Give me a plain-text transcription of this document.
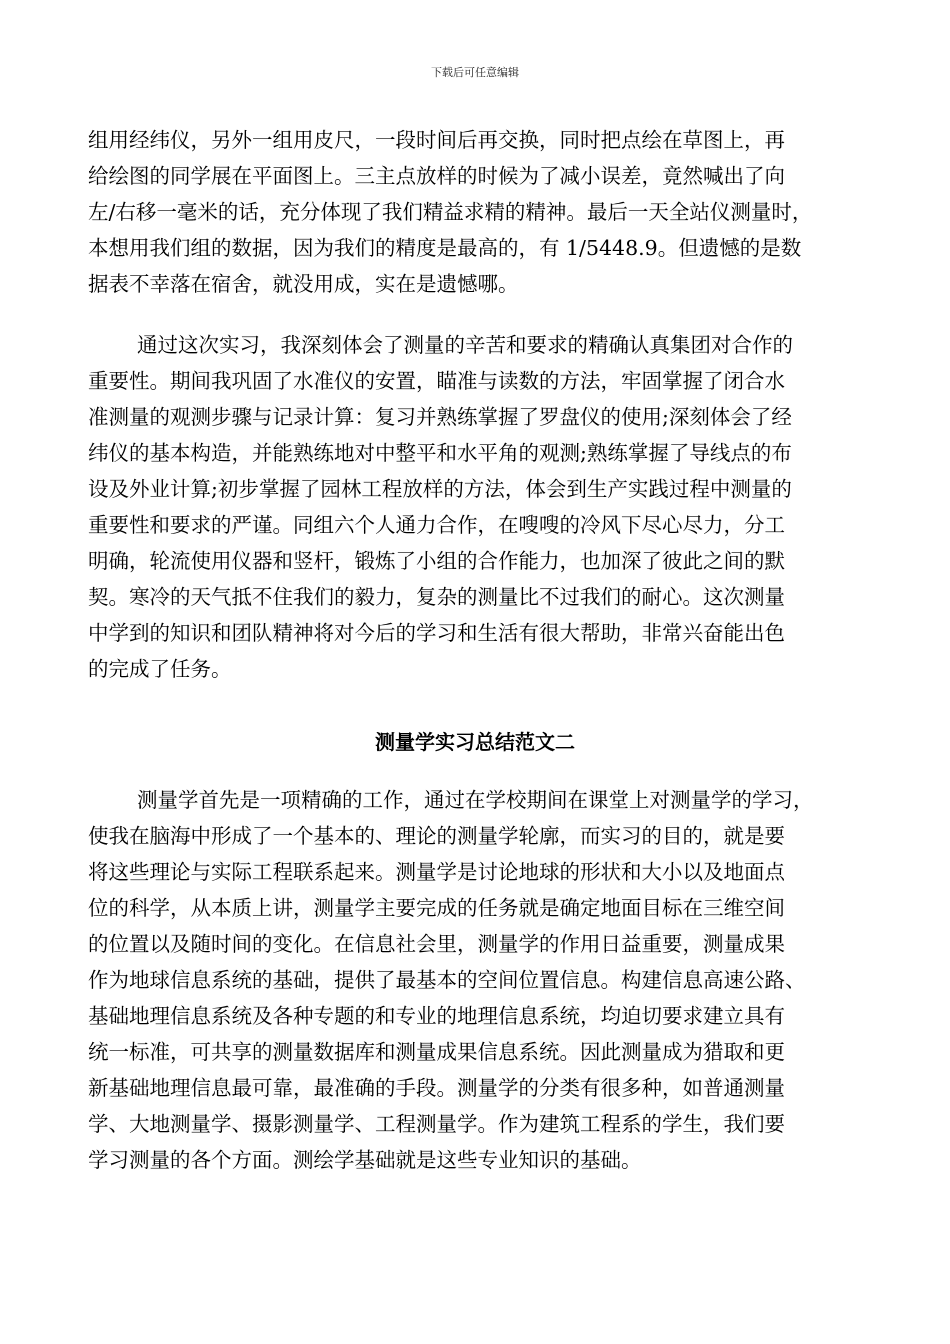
下载后可任意编辑

组用经纬仪，另外一组用皮尺，一段时间后再交换，同时把点绘在草图上，再

给绘图的同学展在平面图上。三主点放样的时候为了减小误差，竟然喊出了向

左/右移一毫米的话，充分体现了我们精益求精的精神。最后一天全站仪测量时，

本想用我们组的数据，因为我们的精度是最高的，有 1/5448.9。但遗憾的是数

据表不幸落在宿舍，就没用成，实在是遗憾哪。

通过这次实习，我深刻体会了测量的辛苦和要求的精确认真集团对合作的

重要性。期间我巩固了水准仪的安置，瞄准与读数的方法，牢固掌握了闭合水

准测量的观测步骤与记录计算：复习并熟练掌握了罗盘仪的使用;深刻体会了经

纬仪的基本构造，并能熟练地对中整平和水平角的观测;熟练掌握了导线点的布

设及外业计算;初步掌握了园林工程放样的方法，体会到生产实践过程中测量的

重要性和要求的严谨。同组六个人通力合作，在嗖嗖的冷风下尽心尽力，分工

明确，轮流使用仪器和竖杆，锻炼了小组的合作能力，也加深了彼此之间的默

契。寒冷的天气抵不住我们的毅力，复杂的测量比不过我们的耐心。这次测量

中学到的知识和团队精神将对今后的学习和生活有很大帮助，非常兴奋能出色

的完成了任务。

测量学实习总结范文二

测量学首先是一项精确的工作，通过在学校期间在课堂上对测量学的学习，

使我在脑海中形成了一个基本的、理论的测量学轮廓，而实习的目的，就是要

将这些理论与实际工程联系起来。测量学是讨论地球的形状和大小以及地面点

位的科学，从本质上讲，测量学主要完成的任务就是确定地面目标在三维空间

的位置以及随时间的变化。在信息社会里，测量学的作用日益重要，测量成果

作为地球信息系统的基础，提供了最基本的空间位置信息。构建信息高速公路、

基础地理信息系统及各种专题的和专业的地理信息系统，均迫切要求建立具有

统一标准，可共享的测量数据库和测量成果信息系统。因此测量成为猎取和更

新基础地理信息最可靠，最准确的手段。测量学的分类有很多种，如普通测量

学、大地测量学、摄影测量学、工程测量学。作为建筑工程系的学生，我们要

学习测量的各个方面。测绘学基础就是这些专业知识的基础。
